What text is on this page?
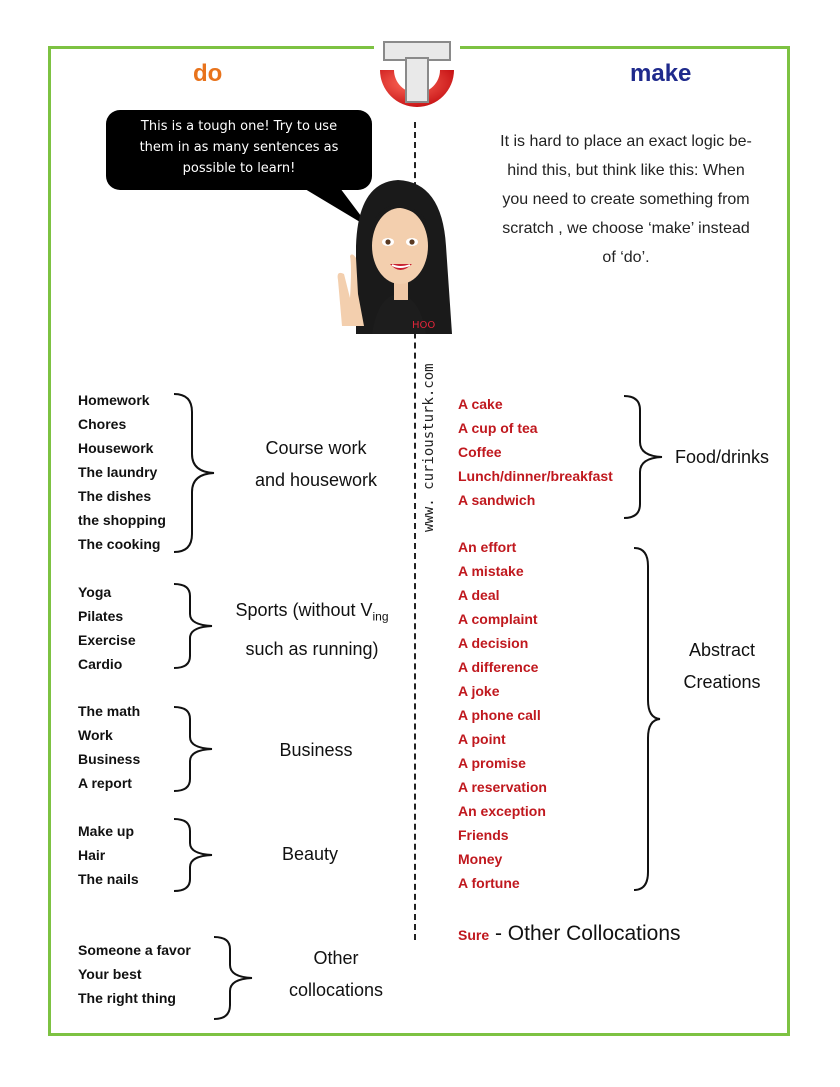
do	make
www. curiousturk.com
This is a tough one! Try to use
them in as many sentences as
possible to learn!
HOO
It is hard to place an exact logic be-
hind this, but think like this: When
you need to create something from
scratch , we choose ‘make’ instead
of ‘do’.
Homework
Chores
Housework
The laundry
The dishes
the shopping
The cooking
Course work
and housework
Yoga
Pilates
Exercise
Cardio
Sports (without $V_{ing}$
such as running)
The math
Work
Business
A report
Business
Make up
Hair
The nails
Beauty
Someone a favor
Your best
The right thing
Other
collocations
A cake
A cup of tea
Coffee
Lunch/dinner/breakfast
A sandwich
Food/drinks
An effort
A mistake
A deal
A complaint
A decision
A difference
A joke
A phone call
A point
A promise
A reservation
An exception
Friends
Money
A fortune
Abstract
Creations
Sure - Other Collocations
